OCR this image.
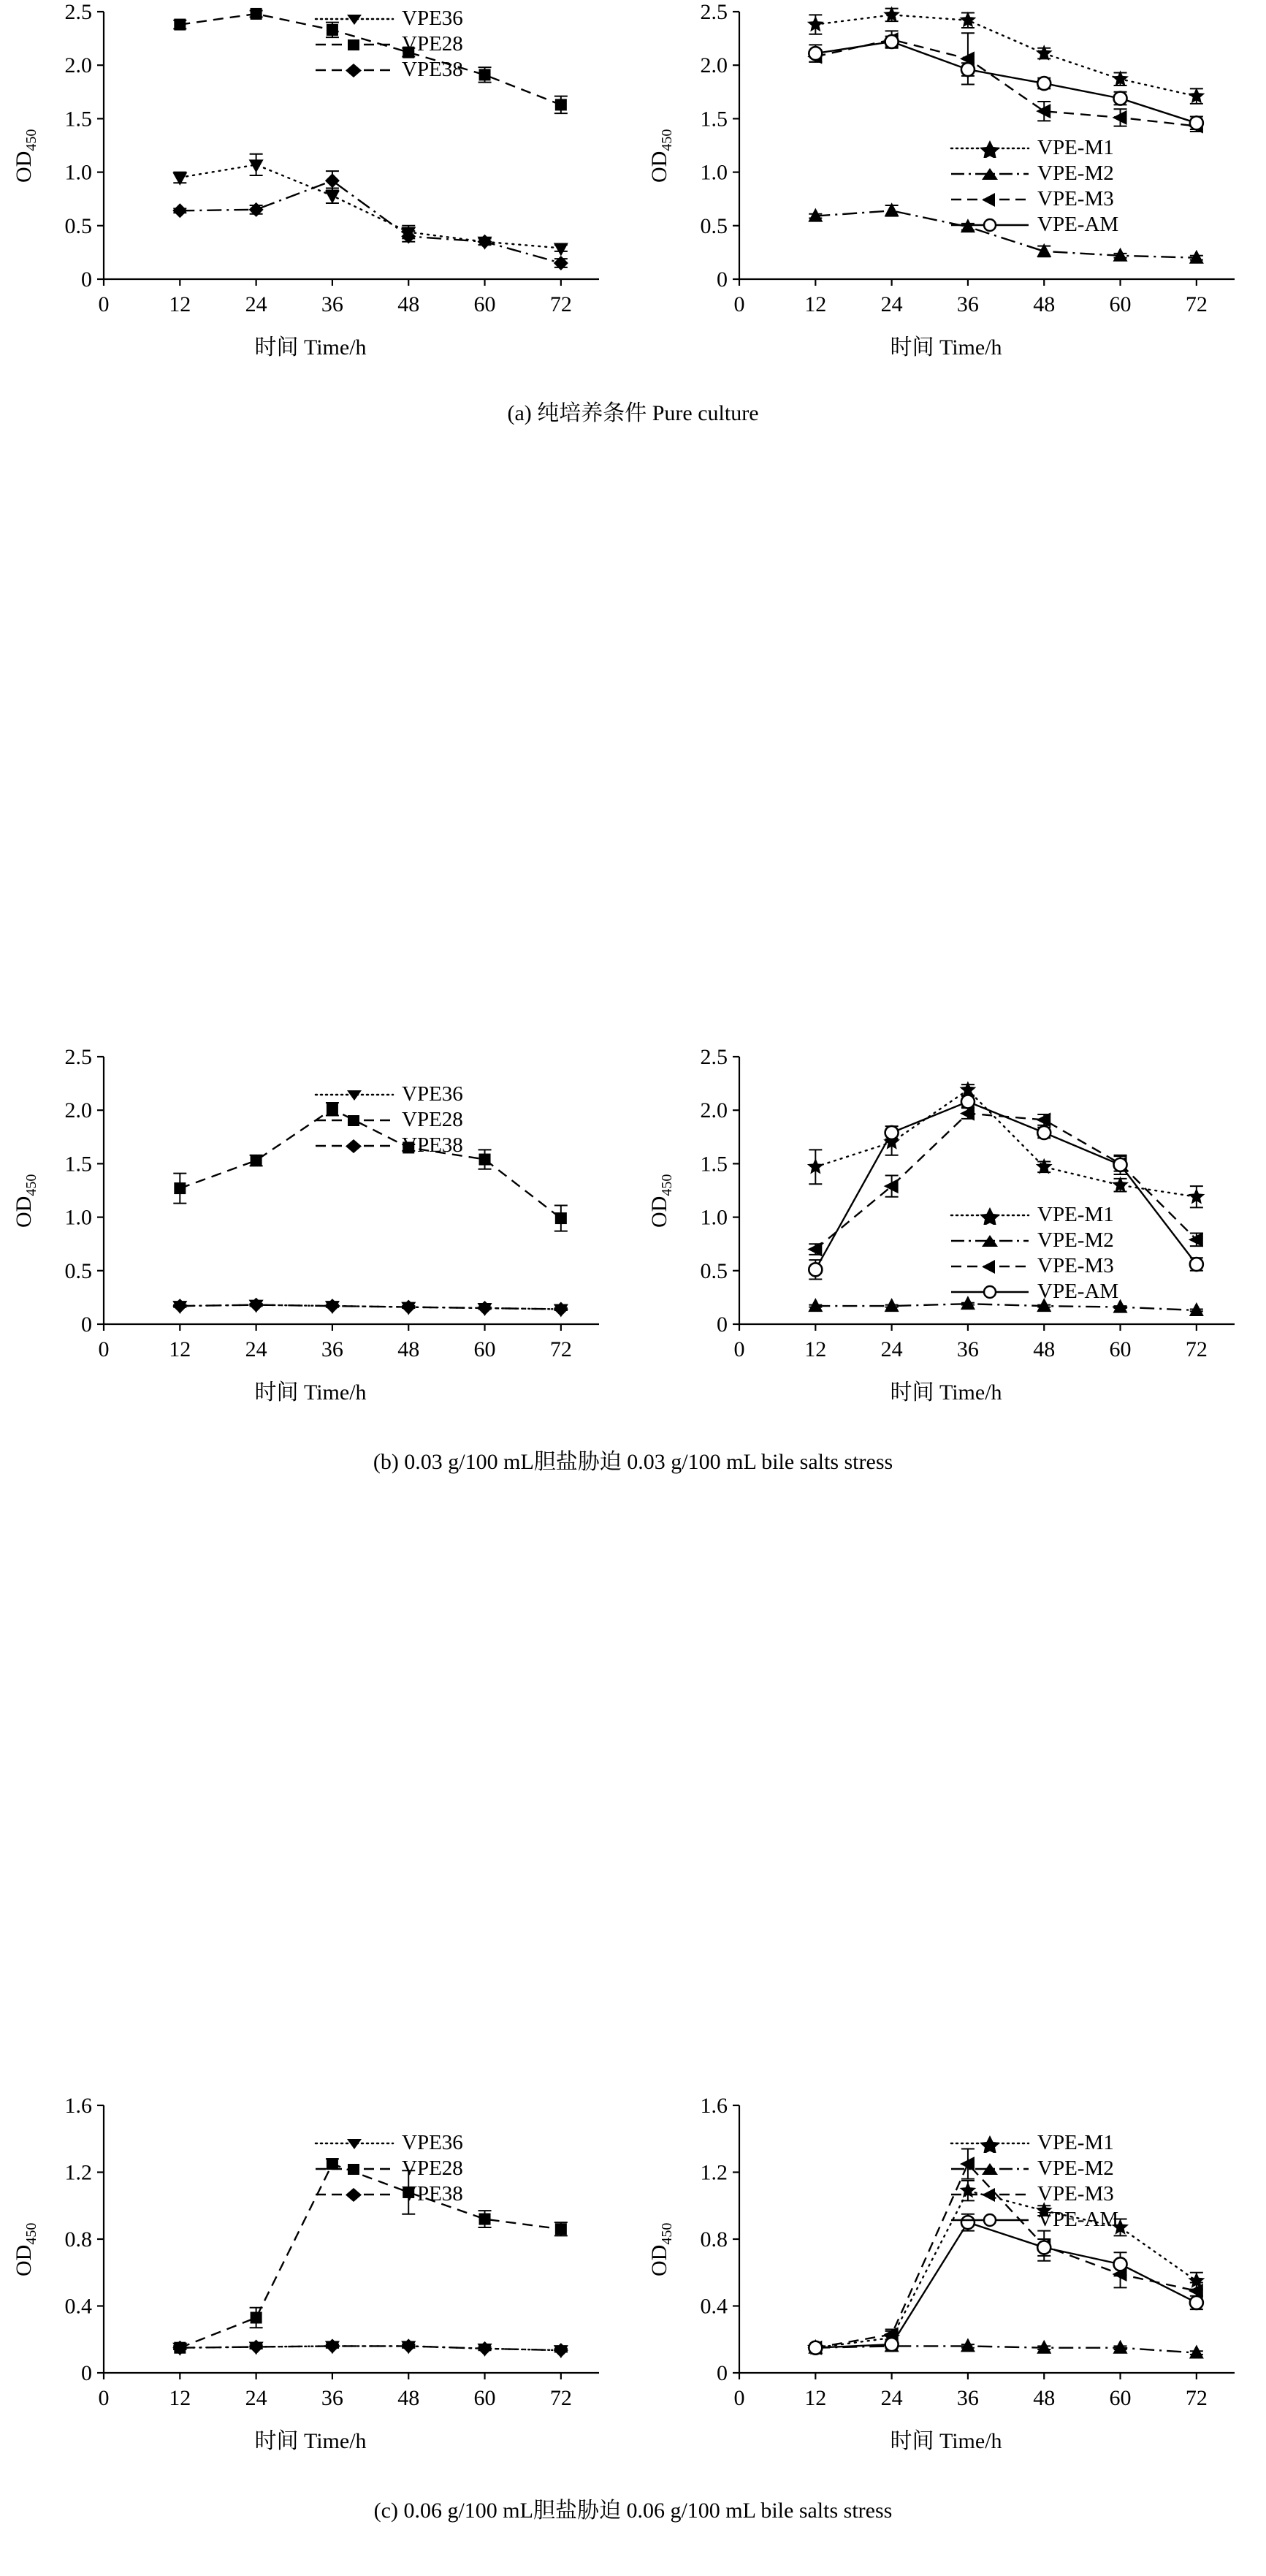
$OD_{450}$
0
0.5
1.0
1.5
2.0
2.5
0	12 24 36 48 60 72
时间 Time/h
	VPE36

	VPE28

	VPE38
$OD_{450}$
0
0.5
1.0
1.5
2.0
2.5
0	12 24 36 48 60 72
时间 Time/h
	VPE-M1

	VPE-M2

	VPE-M3

	VPE-AM
(a) 纯培养条件 Pure culture
$OD_{450}$
0
0.5
1.0
1.5
2.0
2.5
0	12 24 36 48 60 72
时间 Time/h
	VPE36

	VPE28

	VPE38
$OD_{450}$
0
0.5
1.0
1.5
2.0
2.5
0	12 24 36 48 60 72
时间 Time/h
	VPE-M1

	VPE-M2

	VPE-M3

	VPE-AM
(b) 0.03 g/100 mL胆盐胁迫 0.03 g/100 mL bile salts stress
$OD_{450}$
0
0.4
0.8
1.2
1.6
0	12 24 36 48 60 72
时间 Time/h
	VPE36

	VPE28

	VPE38
$OD_{450}$
0
0.4
0.8
1.2
1.6
0	12 24 36 48 60 72
时间 Time/h
	VPE-M1

	VPE-M2

	VPE-M3

	VPE-AM
(c) 0.06 g/100 mL胆盐胁迫 0.06 g/100 mL bile salts stress
